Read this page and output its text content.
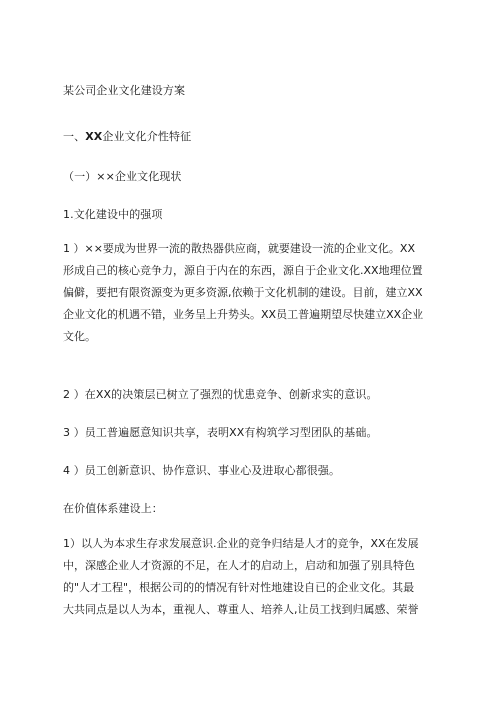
某公司企业文化建设方案
一、XX企业文化介性特征
（一）××企业文化现状
1.文化建设中的强项
1 ）××要成为世界一流的散热器供应商，就要建设一流的企业文化。XX
形成自己的核心竞争力，源自于内在的东西，源自于企业文化.XX地理位置
偏僻，要把有限资源变为更多资源,依赖于文化机制的建设。目前，建立XX
企业文化的机遇不错，业务呈上升势头。XX员工普遍期望尽快建立XX企业
文化。
2 ）在XX的决策层已树立了强烈的忧患竞争、创新求实的意识。
3 ）员工普遍愿意知识共享，表明XX有构筑学习型团队的基础。
4 ）员工创新意识、协作意识、事业心及进取心都很强。
在价值体系建设上：
1）以人为本求生存求发展意识.企业的竞争归结是人才的竞争，XX在发展
中，深感企业人才资源的不足，在人才的启动上，启动和加强了别具特色
的"人才工程"，根据公司的的情况有针对性地建设自已的企业文化。其最
大共同点是以人为本，重视人、尊重人、培养人,让员工找到归属感、荣誉
